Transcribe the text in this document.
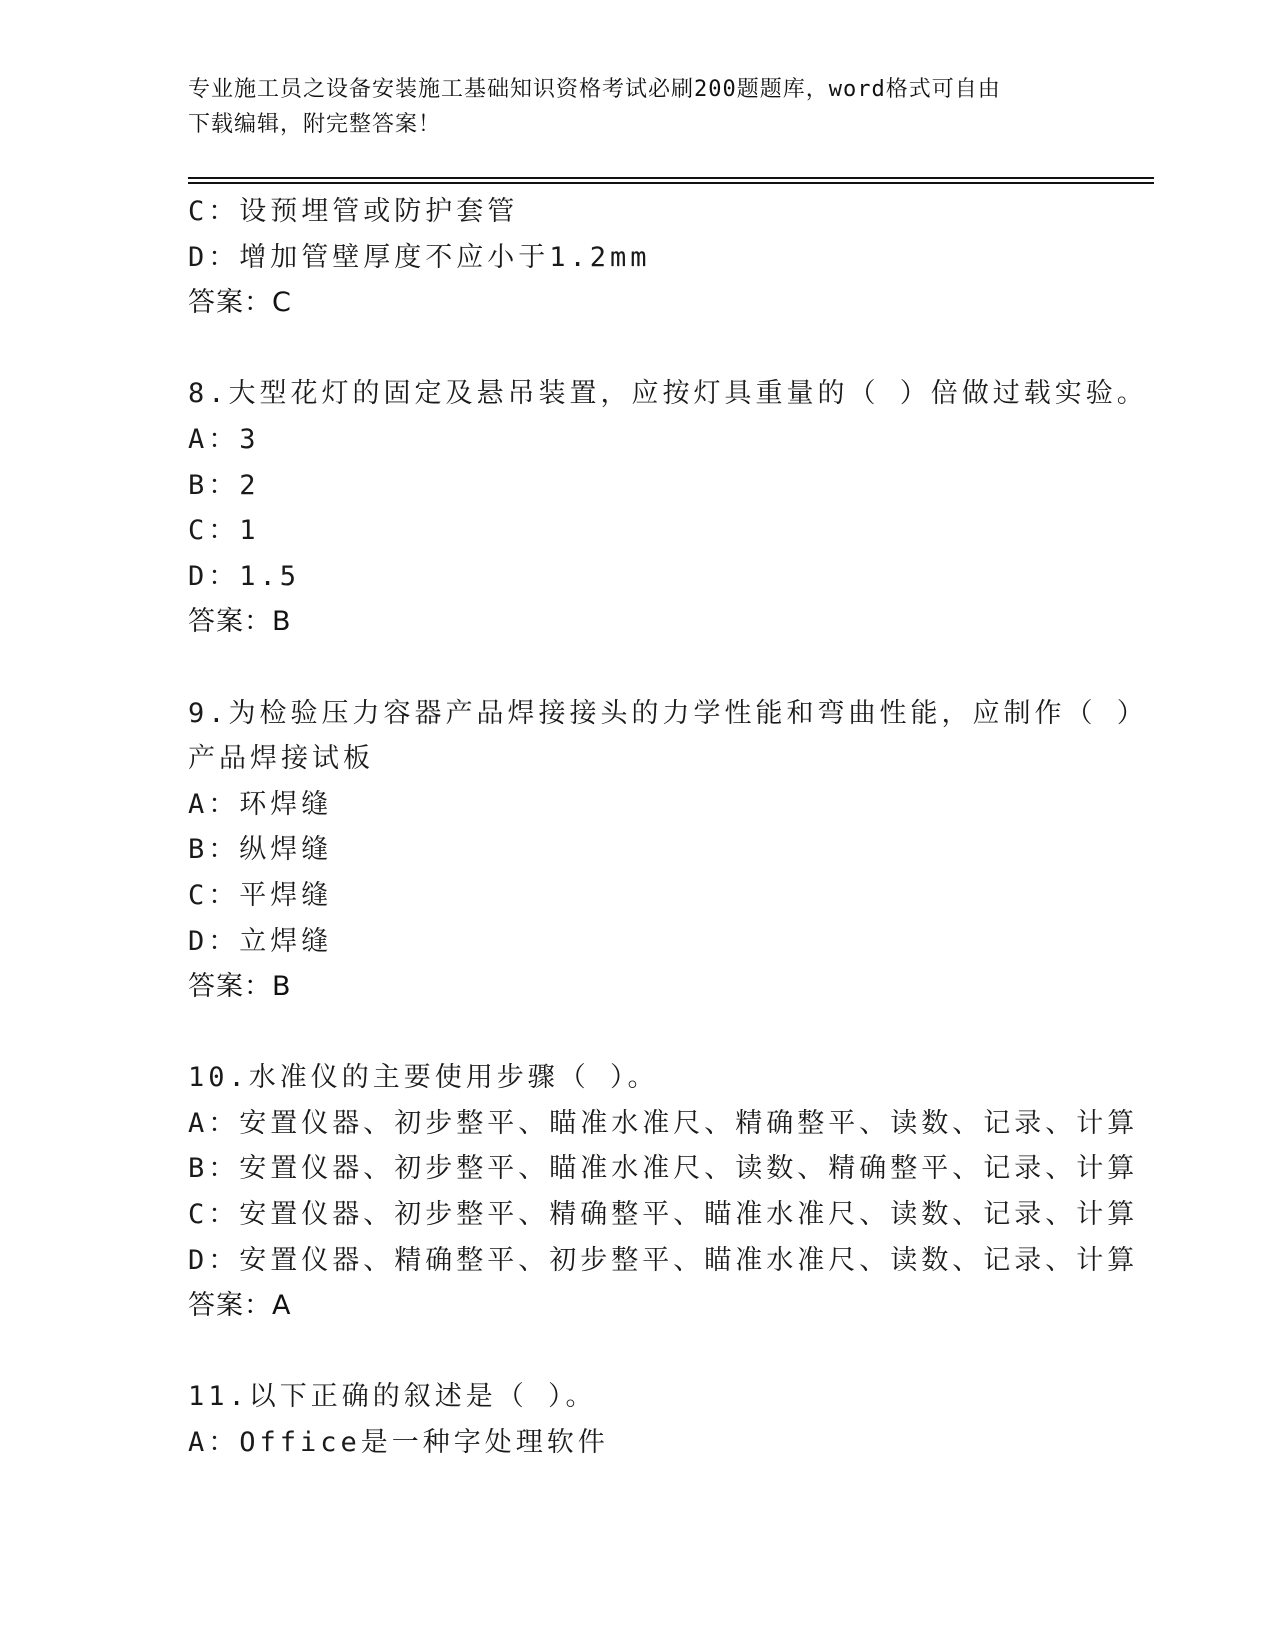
专业施工员之设备安装施工基础知识资格考试必刷200题题库，word格式可自由
下载编辑，附完整答案！
C：设预埋管或防护套管
D：增加管壁厚度不应小于1.2mm
答案：C
8.大型花灯的固定及悬吊装置，应按灯具重量的（ ）倍做过载实验。
A：3
B：2
C：1
D：1.5
答案：B
9.为检验压力容器产品焊接接头的力学性能和弯曲性能，应制作（ ）
产品焊接试板
A：环焊缝
B：纵焊缝
C：平焊缝
D：立焊缝
答案：B
10.水准仪的主要使用步骤（ ）。
A：安置仪器、初步整平、瞄准水准尺、精确整平、读数、记录、计算
B：安置仪器、初步整平、瞄准水准尺、读数、精确整平、记录、计算
C：安置仪器、初步整平、精确整平、瞄准水准尺、读数、记录、计算
D：安置仪器、精确整平、初步整平、瞄准水准尺、读数、记录、计算
答案：A
11.以下正确的叙述是（ ）。
A：Office是一种字处理软件
